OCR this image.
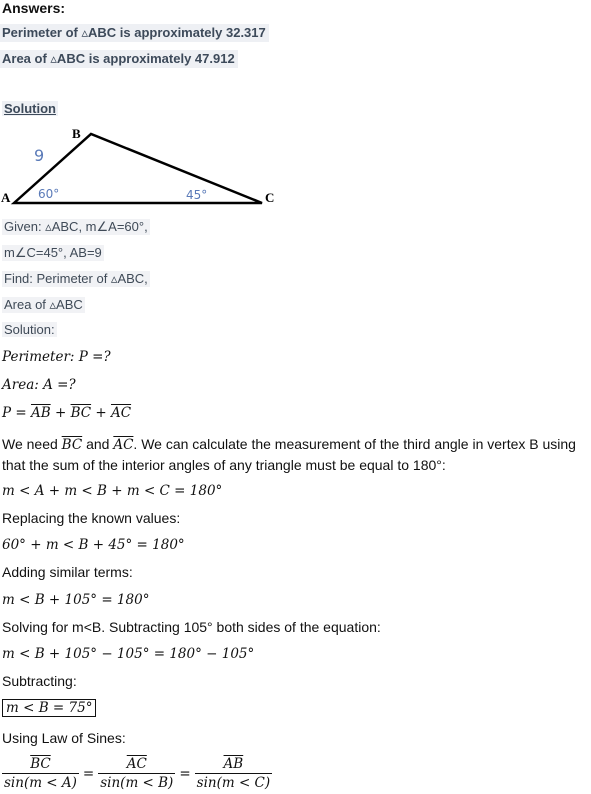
Answers:
Perimeter of ▵ABC is approximately 32.317
Area of ▵ABC is approximately 47.912
Solution
A
B
C
9
60°	45°
Given: ▵ABC, m∠A=60°,
m∠C=45°, AB=9
Find: Perimeter of ▵ABC,
Area of ▵ABC
Solution:
Perimeter: P =?
Area: A =?
$P = \overline{AB} + \overline{BC} + \overline{AC}$
We need $\overline{BC}$ and $\overline{AC}$. We can calculate the measurement of the third angle in vertex B using
that the sum of the interior angles of any triangle must be equal to 180°:
m < A + m < B + m < C = 180°
Replacing the known values:
60° + m < B + 45° = 180°
Adding similar terms:
m < B + 105° = 180°
Solving for m<B. Subtracting 105° both sides of the equation:
m < B + 105° − 105° = 180° − 105°
Subtracting:
m < B = 75°
Using Law of Sines:
$\frac{\overline{BC}}{\sin(m < A)} = \frac{\overline{AC}}{\sin(m < B)} = \frac{\overline{AB}}{\sin(m < C)}$
